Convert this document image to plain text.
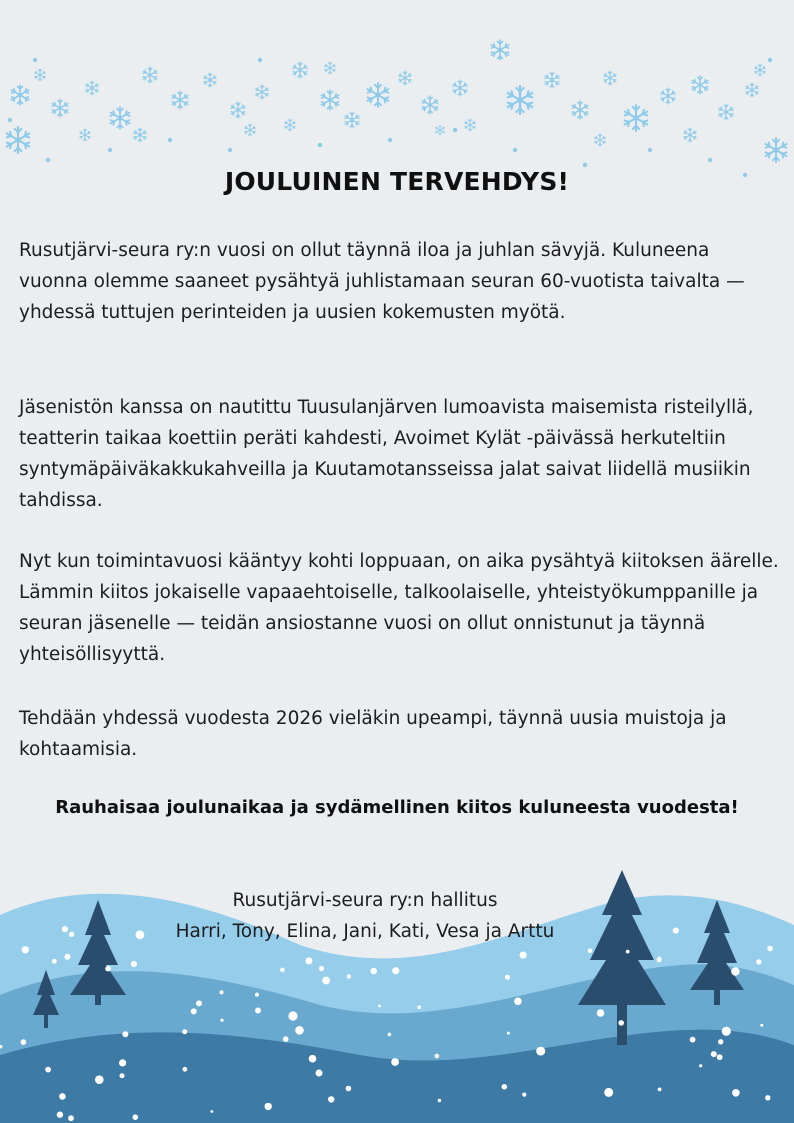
JOULUINEN TERVEHDYS!

Rusutjärvi-seura ry:n vuosi on ollut täynnä iloa ja juhlan sävyjä. Kuluneena vuonna olemme saaneet pysähtyä juhlistamaan seuran 60-vuotista taivalta — yhdessä tuttujen perinteiden ja uusien kokemusten myötä.

Jäsenistön kanssa on nautittu Tuusulanjärven lumoavista maisemista risteilyllä, teatterin taikaa koettiin peräti kahdesti, Avoimet Kylät -päivässä herkuteltiin syntymäpäiväkakkukahveilla ja Kuutamotansseissa jalat saivat liidellä musiikin tahdissa.

Nyt kun toimintavuosi kääntyy kohti loppuaan, on aika pysähtyä kiitoksen äärelle. Lämmin kiitos jokaiselle vapaaehtoiselle, talkoolaiselle, yhteistyökumppanille ja seuran jäsenelle — teidän ansiostanne vuosi on ollut onnistunut ja täynnä yhteisöllisyyttä.

Tehdään yhdessä vuodesta 2026 vieläkin upeampi, täynnä uusia muistoja ja kohtaamisia.

Rauhaisaa joulunaikaa ja sydämellinen kiitos kuluneesta vuodesta!

Rusutjärvi-seura ry:n hallitus
Harri, Tony, Elina, Jani, Kati, Vesa ja Arttu
